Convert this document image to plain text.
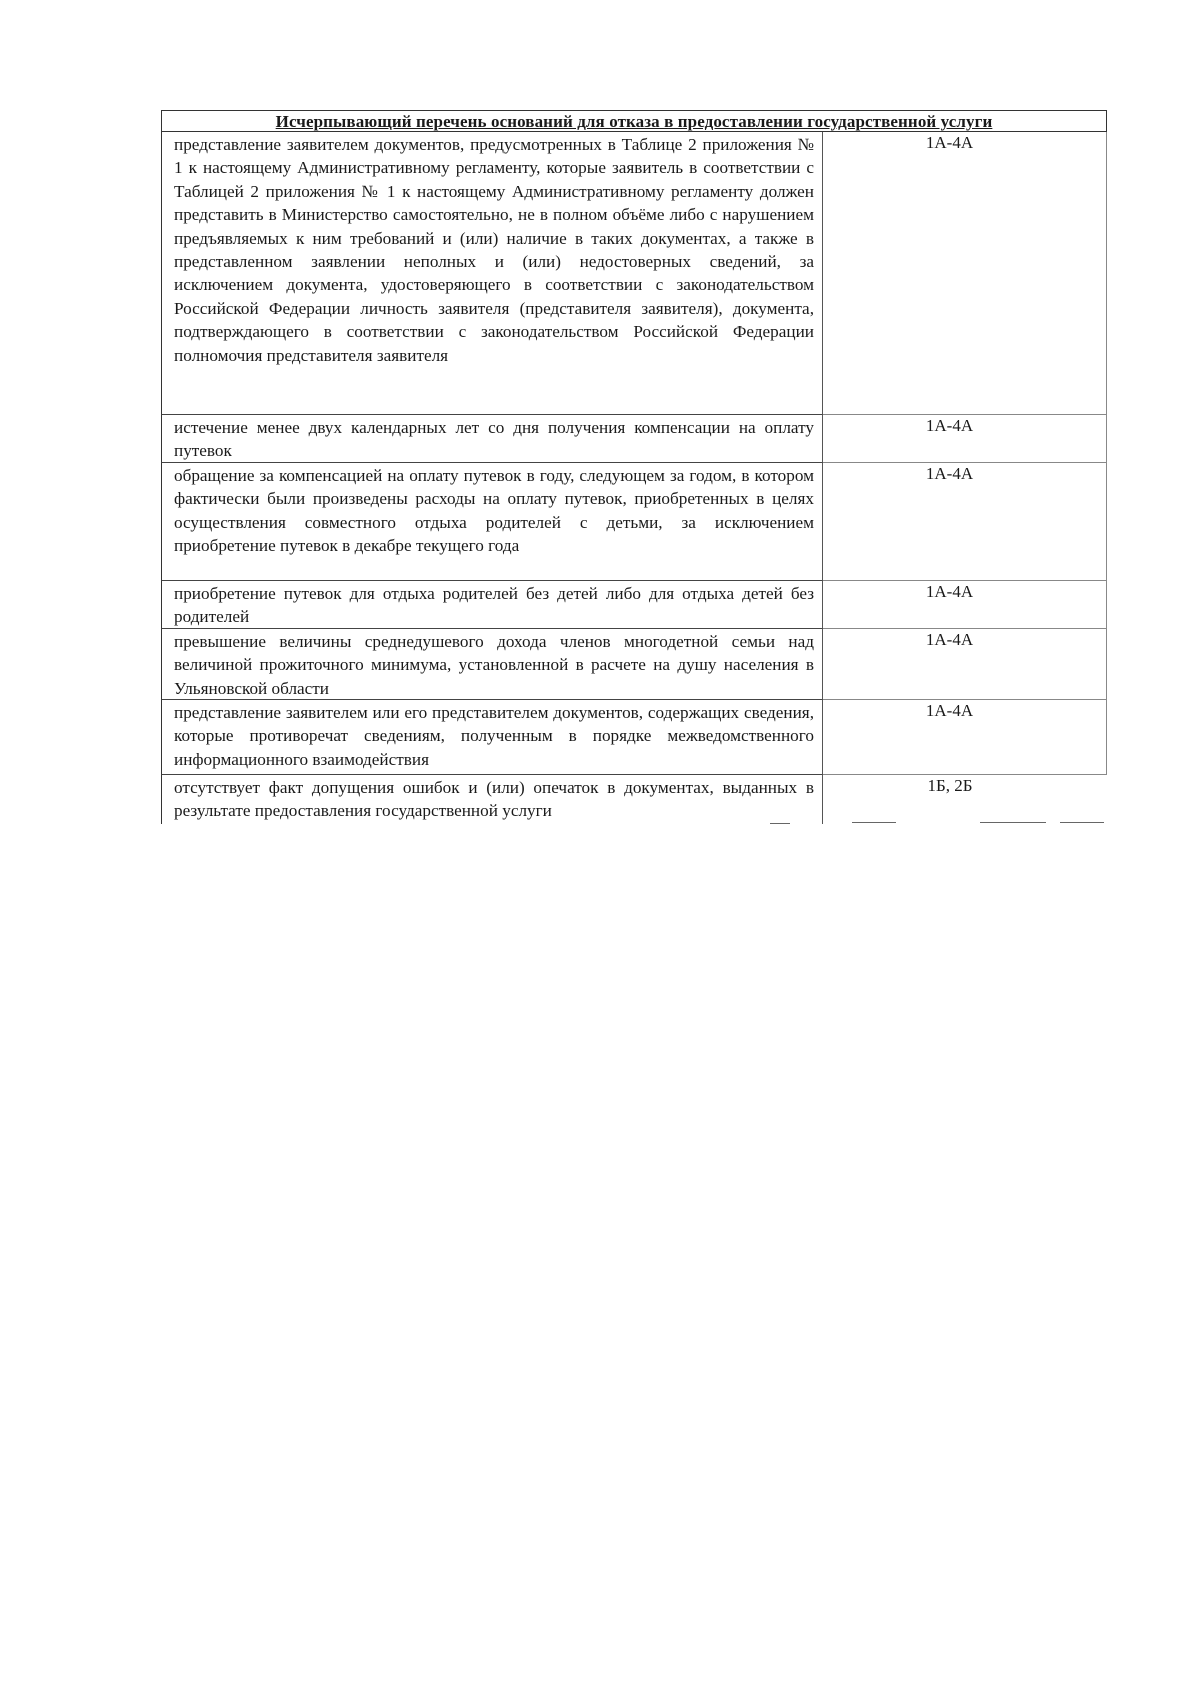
Исчерпывающий перечень оснований для отказа в предоставлении государственной услуги
представление заявителем документов, предусмотренных в Таблице 2 приложения № 1 к настоящему Административному регламенту, которые заявитель в соответствии с Таблицей 2 приложения № 1 к настоящему Административному регламенту должен представить в Министерство самостоятельно, не в полном объёме либо с нарушением предъявляемых к ним требований и (или) наличие в таких документах, а также в представленном заявлении неполных и (или) недостоверных сведений, за исключением документа, удостоверяющего в соответствии с законодательством Российской Федерации личность заявителя (представителя заявителя), документа, подтверждающего в соответствии с законодательством Российской Федерации полномочия представителя заявителя
1А-4А
истечение менее двух календарных лет со дня получения компенсации на оплату путевок
1А-4А
обращение за компенсацией на оплату путевок в году, следующем за годом, в котором фактически были произведены расходы на оплату путевок, приобретенных в целях осуществления совместного отдыха родителей с детьми, за исключением приобретение путевок в декабре текущего года
1А-4А
приобретение путевок для отдыха родителей без детей либо для отдыха детей без родителей
1А-4А
превышение величины среднедушевого дохода членов многодетной семьи над величиной прожиточного минимума, установленной в расчете на душу населения в Ульяновской области
1А-4А
представление заявителем или его представителем документов, содержащих сведения, которые противоречат сведениям, полученным в порядке межведомственного информационного взаимодействия
1А-4А
отсутствует факт допущения ошибок и (или) опечаток в документах, выданных в результате предоставления государственной услуги
1Б, 2Б
